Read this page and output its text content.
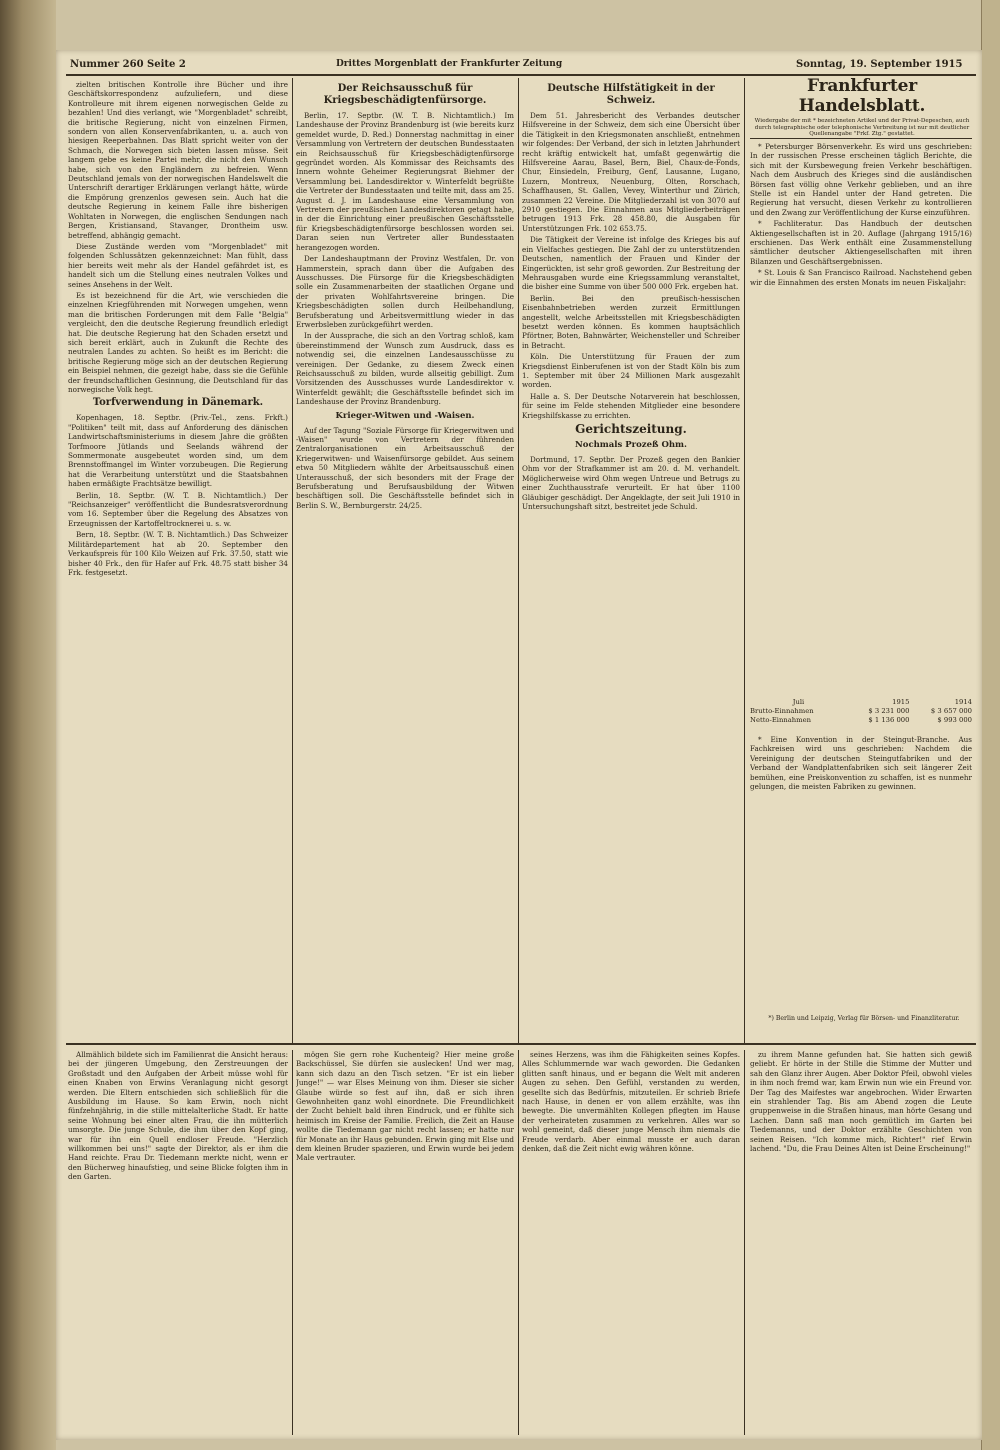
Nummer 260 Seite 2	Drittes Morgenblatt der Frankfurter Zeitung	Sonntag, 19. September 1915

zielten britischen Kontrolle ihre Bücher und ihre Geschäftskorrespondenz aufzuliefern, und diese Kontrolleure mit ihrem eigenen norwegischen Gelde zu bezahlen! Und dies verlangt, wie "Morgenbladet" schreibt, die britische Regierung, nicht von einzelnen Firmen, sondern von allen Konservenfabrikanten, u. a. auch von hiesigen Reeperbahnen. Das Blatt spricht weiter von der Schmach, die Norwegen sich bieten lassen müsse. Seit langem gebe es keine Partei mehr, die nicht den Wunsch habe, sich von den Engländern zu befreien. Wenn Deutschland jemals von der norwegischen Handelswelt die Unterschrift derartiger Erklärungen verlangt hätte, würde die Empörung grenzenlos gewesen sein. Auch hat die deutsche Regierung in keinem Falle ihre bisherigen Wohltaten in Norwegen, die englischen Sendungen nach Bergen, Kristiansand, Stavanger, Drontheim usw. betreffend, abhängig gemacht.

Diese Zustände werden vom "Morgenbladet" mit folgenden Schlussätzen gekennzeichnet: Man fühlt, dass hier bereits weit mehr als der Handel gefährdet ist, es handelt sich um die Stellung eines neutralen Volkes und seines Ansehens in der Welt.

Es ist bezeichnend für die Art, wie verschieden die einzelnen Kriegführenden mit Norwegen umgehen, wenn man die britischen Forderungen mit dem Falle "Belgia" vergleicht, den die deutsche Regierung freundlich erledigt hat. Die deutsche Regierung hat den Schaden ersetzt und sich bereit erklärt, auch in Zukunft die Rechte des neutralen Landes zu achten. So heißt es im Bericht: die britische Regierung möge sich an der deutschen Regierung ein Beispiel nehmen, die gezeigt habe, dass sie die Gefühle der freundschaftlichen Gesinnung, die Deutschland für das norwegische Volk hegt.

Torfverwendung in Dänemark.

Kopenhagen, 18. Septbr. (Priv.-Tel., zens. Frkft.) "Politiken" teilt mit, dass auf Anforderung des dänischen Landwirtschaftsministeriums in diesem Jahre die größten Torfmoore Jütlands und Seelands während der Sommermonate ausgebeutet worden sind, um dem Brennstoffmangel im Winter vorzubeugen. Die Regierung hat die Verarbeitung unterstützt und die Staatsbahnen haben ermäßigte Frachtsätze bewilligt.

Berlin, 18. Septbr. (W. T. B. Nichtamtlich.) Der "Reichsanzeiger" veröffentlicht die Bundesratsverordnung vom 16. September über die Regelung des Absatzes von Erzeugnissen der Kartoffeltrocknerei u. s. w.

Bern, 18. Septbr. (W. T. B. Nichtamtlich.) Das Schweizer Militärdepartement hat ab 20. September den Verkaufspreis für 100 Kilo Weizen auf Frk. 37.50, statt wie bisher 40 Frk., den für Hafer auf Frk. 48.75 statt bisher 34 Frk. festgesetzt.

Der Reichsausschuß für Kriegsbeschädigtenfürsorge.

Berlin, 17. Septbr. (W. T. B. Nichtamtlich.) Im Landeshause der Provinz Brandenburg ist (wie bereits kurz gemeldet wurde, D. Red.) Donnerstag nachmittag in einer Versammlung von Vertretern der deutschen Bundesstaaten ein Reichsausschuß für Kriegsbeschädigtenfürsorge gegründet worden. Als Kommissar des Reichsamts des Innern wohnte Geheimer Regierungsrat Biehmer der Versammlung bei. Landesdirektor v. Winterfeldt begrüßte die Vertreter der Bundesstaaten und teilte mit, dass am 25. August d. J. im Landeshause eine Versammlung von Vertretern der preußischen Landesdirektoren getagt habe, in der die Einrichtung einer preußischen Geschäftsstelle für Kriegsbeschädigtenfürsorge beschlossen worden sei. Daran seien nun Vertreter aller Bundesstaaten herangezogen worden.

Der Landeshauptmann der Provinz Westfalen, Dr. von Hammerstein, sprach dann über die Aufgaben des Ausschusses. Die Fürsorge für die Kriegsbeschädigten solle ein Zusammenarbeiten der staatlichen Organe und der privaten Wohlfahrtsvereine bringen. Die Kriegsbeschädigten sollen durch Heilbehandlung, Berufsberatung und Arbeitsvermittlung wieder in das Erwerbsleben zurückgeführt werden.

In der Aussprache, die sich an den Vortrag schloß, kam übereinstimmend der Wunsch zum Ausdruck, dass es notwendig sei, die einzelnen Landesausschüsse zu vereinigen. Der Gedanke, zu diesem Zweck einen Reichsausschuß zu bilden, wurde allseitig gebilligt. Zum Vorsitzenden des Ausschusses wurde Landesdirektor v. Winterfeldt gewählt; die Geschäftsstelle befindet sich im Landeshause der Provinz Brandenburg.

Krieger-Witwen und -Waisen.

Auf der Tagung "Soziale Fürsorge für Kriegerwitwen und -Waisen" wurde von Vertretern der führenden Zentralorganisationen ein Arbeitsausschuß der Kriegerwitwen- und Waisenfürsorge gebildet. Aus seinem etwa 50 Mitgliedern wählte der Arbeitsausschuß einen Unterausschuß, der sich besonders mit der Frage der Berufsberatung und Berufsausbildung der Witwen beschäftigen soll. Die Geschäftsstelle befindet sich in Berlin S. W., Bernburgerstr. 24/25.

Deutsche Hilfstätigkeit in der Schweiz.

Dem 51. Jahresbericht des Verbandes deutscher Hilfsvereine in der Schweiz, dem sich eine Übersicht über die Tätigkeit in den Kriegsmonaten anschließt, entnehmen wir folgendes: Der Verband, der sich in letzten Jahrhundert recht kräftig entwickelt hat, umfaßt gegenwärtig die Hilfsvereine Aarau, Basel, Bern, Biel, Chaux-de-Fonds, Chur, Einsiedeln, Freiburg, Genf, Lausanne, Lugano, Luzern, Montreux, Neuenburg, Olten, Rorschach, Schaffhausen, St. Gallen, Vevey, Winterthur und Zürich, zusammen 22 Vereine. Die Mitgliederzahl ist von 3070 auf 2910 gestiegen. Die Einnahmen aus Mitgliederbeiträgen betrugen 1913 Frk. 28 458.80, die Ausgaben für Unterstützungen Frk. 102 653.75.

Die Tätigkeit der Vereine ist infolge des Krieges bis auf ein Vielfaches gestiegen. Die Zahl der zu unterstützenden Deutschen, namentlich der Frauen und Kinder der Eingerückten, ist sehr groß geworden. Zur Bestreitung der Mehrausgaben wurde eine Kriegssammlung veranstaltet, die bisher eine Summe von über 500 000 Frk. ergeben hat.

Berlin. Bei den preußisch-hessischen Eisenbahnbetrieben werden zurzeit Ermittlungen angestellt, welche Arbeitsstellen mit Kriegsbeschädigten besetzt werden können. Es kommen hauptsächlich Pförtner, Boten, Bahnwärter, Weichensteller und Schreiber in Betracht.

Köln. Die Unterstützung für Frauen der zum Kriegsdienst Einberufenen ist von der Stadt Köln bis zum 1. September mit über 24 Millionen Mark ausgezahlt worden.

Halle a. S. Der Deutsche Notarverein hat beschlossen, für seine im Felde stehenden Mitglieder eine besondere Kriegshilfskasse zu errichten.

Gerichtszeitung.
Nochmals Prozeß Ohm.

Dortmund, 17. Septbr. Der Prozeß gegen den Bankier Ohm vor der Strafkammer ist am 20. d. M. verhandelt. Möglicherweise wird Ohm wegen Untreue und Betrugs zu einer Zuchthausstrafe verurteilt. Er hat über 1100 Gläubiger geschädigt. Der Angeklagte, der seit Juli 1910 in Untersuchungshaft sitzt, bestreitet jede Schuld.

Frankfurter Handelsblatt.
Wiedergabe der mit * bezeichneten Artikel und der Privat-Depeschen, auch durch telegraphische oder telephonische Verbreitung ist nur mit deutlicher Quellenangabe "Frkf. Ztg." gestattet.

* Petersburger Börsenverkehr. Es wird uns geschrieben: In der russischen Presse erscheinen täglich Berichte, die sich mit der Kursbewegung freien Verkehr beschäftigen. Nach dem Ausbruch des Krieges sind die ausländischen Börsen fast völlig ohne Verkehr geblieben, und an ihre Stelle ist ein Handel unter der Hand getreten. Die Regierung hat versucht, diesen Verkehr zu kontrollieren und den Zwang zur Veröffentlichung der Kurse einzuführen.

* Fachliteratur. Das Handbuch der deutschen Aktiengesellschaften ist in 20. Auflage (Jahrgang 1915/16) erschienen. Das Werk enthält eine Zusammenstellung sämtlicher deutscher Aktiengesellschaften mit ihren Bilanzen und Geschäftsergebnissen.

* St. Louis & San Francisco Railroad. Nachstehend geben wir die Einnahmen des ersten Monats im neuen Fiskaljahr:

Juli	1915	1914
Brutto-Einnahmen	$ 3 231 000	$ 3 657 000
Netto-Einnahmen	$ 1 136 000	$ 993 000

* Eine Konvention in der Steingut-Branche. Aus Fachkreisen wird uns geschrieben: Nachdem die Vereinigung der deutschen Steingutfabriken und der Verband der Wandplattenfabriken sich seit längerer Zeit bemühen, eine Preiskonvention zu schaffen, ist es nunmehr gelungen, die meisten Fabriken zu gewinnen.

*) Berlin und Leipzig, Verlag für Börsen- und Finanzliteratur.

Allmählich bildete sich im Familienrat die Ansicht heraus: bei der jüngeren Umgebung, den Zerstreuungen der Großstadt und den Aufgaben der Arbeit müsse wohl für einen Knaben von Erwins Veranlagung nicht gesorgt werden. Die Eltern entschieden sich schließlich für die Ausbildung im Hause. So kam Erwin, noch nicht fünfzehnjährig, in die stille mittelalterliche Stadt. Er hatte seine Wohnung bei einer alten Frau, die ihn mütterlich umsorgte. Die junge Schule, die ihm über den Kopf ging, war für ihn ein Quell endloser Freude. "Herzlich willkommen bei uns!" sagte der Direktor, als er ihm die Hand reichte. Frau Dr. Tiedemann merkte nicht, wenn er den Bücherweg hinaufstieg, und seine Blicke folgten ihm in den Garten.

mögen Sie gern rohe Kuchenteig? Hier meine große Backschüssel, Sie dürfen sie auslecken! Und wer mag, kann sich dazu an den Tisch setzen. "Er ist ein lieber Junge!" — war Elses Meinung von ihm. Dieser sie sicher Glaube würde so fest auf ihn, daß er sich ihren Gewohnheiten ganz wohl einordnete. Die Freundlichkeit der Zucht behielt bald ihren Eindruck, und er fühlte sich heimisch im Kreise der Familie. Freilich, die Zeit an Hause wollte die Tiedemann gar nicht recht lassen; er hatte nur für Monate an ihr Haus gebunden. Erwin ging mit Else und dem kleinen Bruder spazieren, und Erwin wurde bei jedem Male vertrauter.

seines Herzens, was ihm die Fähigkeiten seines Kopfes. Alles Schlummernde war wach geworden. Die Gedanken glitten sanft hinaus, und er begann die Welt mit anderen Augen zu sehen. Den Gefühl, verstanden zu werden, gesellte sich das Bedürfnis, mitzuteilen. Er schrieb Briefe nach Hause, in denen er von allem erzählte, was ihn bewegte. Die unvermählten Kollegen pflegten im Hause der verheirateten zusammen zu verkehren. Alles war so wohl gemeint, daß dieser junge Mensch ihm niemals die Freude verdarb. Aber einmal musste er auch daran denken, daß die Zeit nicht ewig währen könne.

zu ihrem Manne gefunden hat. Sie hatten sich gewiß geliebt. Er hörte in der Stille die Stimme der Mutter und sah den Glanz ihrer Augen. Aber Doktor Pfeil, obwohl vieles in ihm noch fremd war, kam Erwin nun wie ein Freund vor. Der Tag des Maifestes war angebrochen. Wider Erwarten ein strahlender Tag. Bis am Abend zogen die Leute gruppenweise in die Straßen hinaus, man hörte Gesang und Lachen. Dann saß man noch gemütlich im Garten bei Tiedemanns, und der Doktor erzählte Geschichten von seinen Reisen. "Ich komme mich, Richter!" rief Erwin lachend. "Du, die Frau Deines Alten ist Deine Erscheinung!"
